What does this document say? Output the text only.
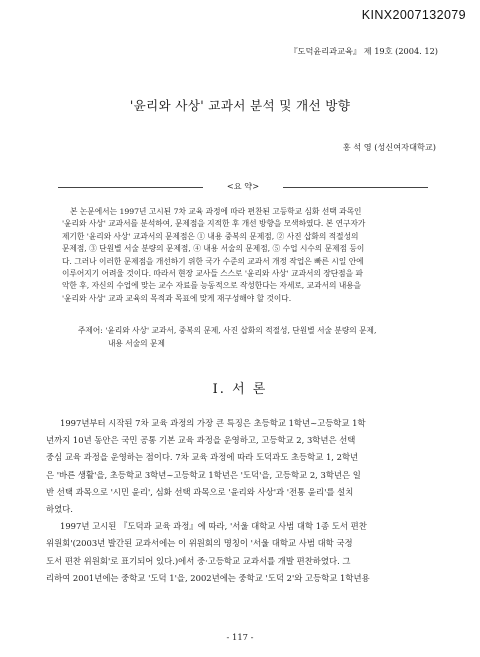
KINX2007132079
『도덕윤리과교육』 제 19호 (2004. 12)
'윤리와 사상' 교과서 분석 및 개선 방향
홍 석 영 (성신여자대학교)
<요 약>

본 논문에서는 1997년 고시된 7차 교육 과정에 따라 편찬된 고등학교 심화 선택 과목인

'윤리와 사상' 교과서를 분석하여, 문제점을 지적한 후 개선 방향을 모색하였다. 본 연구자가

제기한 '윤리와 사상' 교과서의 문제점은 ① 내용 중복의 문제점, ② 사진 삽화의 적절성의

문제점, ③ 단원별 서술 분량의 문제점, ④ 내용 서술의 문제점, ⑤ 수업 시수의 문제점 등이

다. 그러나 이러한 문제점을 개선하기 위한 국가 수준의 교과서 개정 작업은 빠른 시일 안에

이루어지기 어려울 것이다. 따라서 현장 교사들 스스로 '윤리와 사상' 교과서의 장단점을 파

악한 후, 자신의 수업에 맞는 교수 자료를 능동적으로 작성한다는 자세로, 교과서의 내용을

'윤리와 사상' 교과 교육의 목적과 목표에 맞게 재구성해야 할 것이다.

주제어: '윤리와 사상' 교과서, 중복의 문제, 사진 삽화의 적절성, 단원별 서술 분량의 문제,

내용 서술의 문제

Ⅰ. 서 론

1997년부터 시작된 7차 교육 과정의 가장 큰 특징은 초등학교 1학년~고등학교 1학

년까지 10년 동안은 국민 공통 기본 교육 과정을 운영하고, 고등학교 2, 3학년은 선택

중심 교육 과정을 운영하는 점이다. 7차 교육 과정에 따라 도덕과도 초등학교 1, 2학년

은 '바른 생활'을, 초등학교 3학년~고등학교 1학년은 '도덕'을, 고등학교 2, 3학년은 일

반 선택 과목으로 '시민 윤리', 심화 선택 과목으로 '윤리와 사상'과 '전통 윤리'를 설치

하였다.

1997년 고시된 『도덕과 교육 과정』에 따라, '서울 대학교 사범 대학 1종 도서 편찬

위원회'(2003년 발간된 교과서에는 이 위원회의 명칭이 '서울 대학교 사범 대학 국정

도서 편찬 위원회'로 표기되어 있다.)에서 중·고등학교 교과서를 개발 편찬하였다. 그

리하여 2001년에는 중학교 '도덕 1'을, 2002년에는 중학교 '도덕 2'와 고등학교 1학년용

- 117 -
